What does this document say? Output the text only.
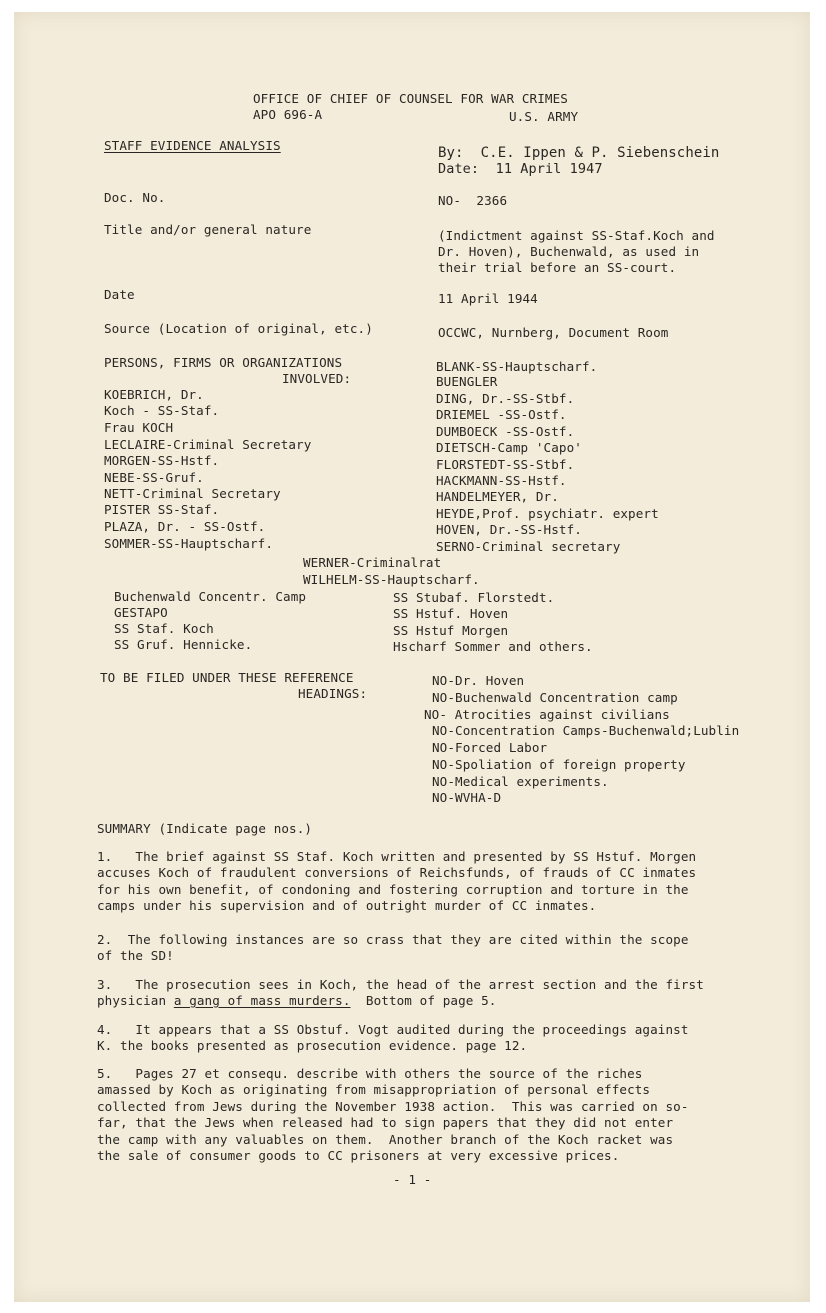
OFFICE OF CHIEF OF COUNSEL FOR WAR CRIMES
APO 696-A	U.S. ARMY
STAFF EVIDENCE ANALYSIS	By:  C.E. Ippen & P. Siebenschein
Date:  11 April 1947
Doc. No.	NO-  2366
Title and/or general nature	(Indictment against SS-Staf.Koch and
Dr. Hoven), Buchenwald, as used in
their trial before an SS-court.
Date	11 April 1944
Source (Location of original, etc.)	OCCWC, Nurnberg, Document Room
PERSONS, FIRMS OR ORGANIZATIONS
INVOLVED:
KOEBRICH, Dr.
Koch - SS-Staf.
Frau KOCH
LECLAIRE-Criminal Secretary
MORGEN-SS-Hstf.
NEBE-SS-Gruf.
NETT-Criminal Secretary
PISTER SS-Staf.
PLAZA, Dr. - SS-Ostf.
SOMMER-SS-Hauptscharf.
BLANK-SS-Hauptscharf.
BUENGLER
DING, Dr.-SS-Stbf.
DRIEMEL -SS-Ostf.
DUMBOECK -SS-Ostf.
DIETSCH-Camp 'Capo'
FLORSTEDT-SS-Stbf.
HACKMANN-SS-Hstf.
HANDELMEYER, Dr.
HEYDE,Prof. psychiatr. expert
HOVEN, Dr.-SS-Hstf.
SERNO-Criminal secretary
WERNER-Criminalrat
WILHELM-SS-Hauptscharf.
Buchenwald Concentr. Camp
GESTAPO
SS Staf. Koch
SS Gruf. Hennicke.
SS Stubaf. Florstedt.
SS Hstuf. Hoven
SS Hstuf Morgen
Hscharf Sommer and others.
TO BE FILED UNDER THESE REFERENCE
HEADINGS:
NO-Dr. Hoven
NO-Buchenwald Concentration camp
NO- Atrocities against civilians
NO-Concentration Camps-Buchenwald;Lublin
NO-Forced Labor
NO-Spoliation of foreign property
NO-Medical experiments.
NO-WVHA-D
SUMMARY (Indicate page nos.)
1.   The brief against SS Staf. Koch written and presented by SS Hstuf. Morgen
accuses Koch of fraudulent conversions of Reichsfunds, of frauds of CC inmates
for his own benefit, of condoning and fostering corruption and torture in the
camps under his supervision and of outright murder of CC inmates.
2.  The following instances are so crass that they are cited within the scope
of the SD!
3.   The prosecution sees in Koch, the head of the arrest section and the first
physician a gang of mass murders.  Bottom of page 5.
4.   It appears that a SS Obstuf. Vogt audited during the proceedings against
K. the books presented as prosecution evidence. page 12.
5.   Pages 27 et consequ. describe with others the source of the riches
amassed by Koch as originating from misappropriation of personal effects
collected from Jews during the November 1938 action.  This was carried on so-
far, that the Jews when released had to sign papers that they did not enter
the camp with any valuables on them.  Another branch of the Koch racket was
the sale of consumer goods to CC prisoners at very excessive prices.
- 1 -
